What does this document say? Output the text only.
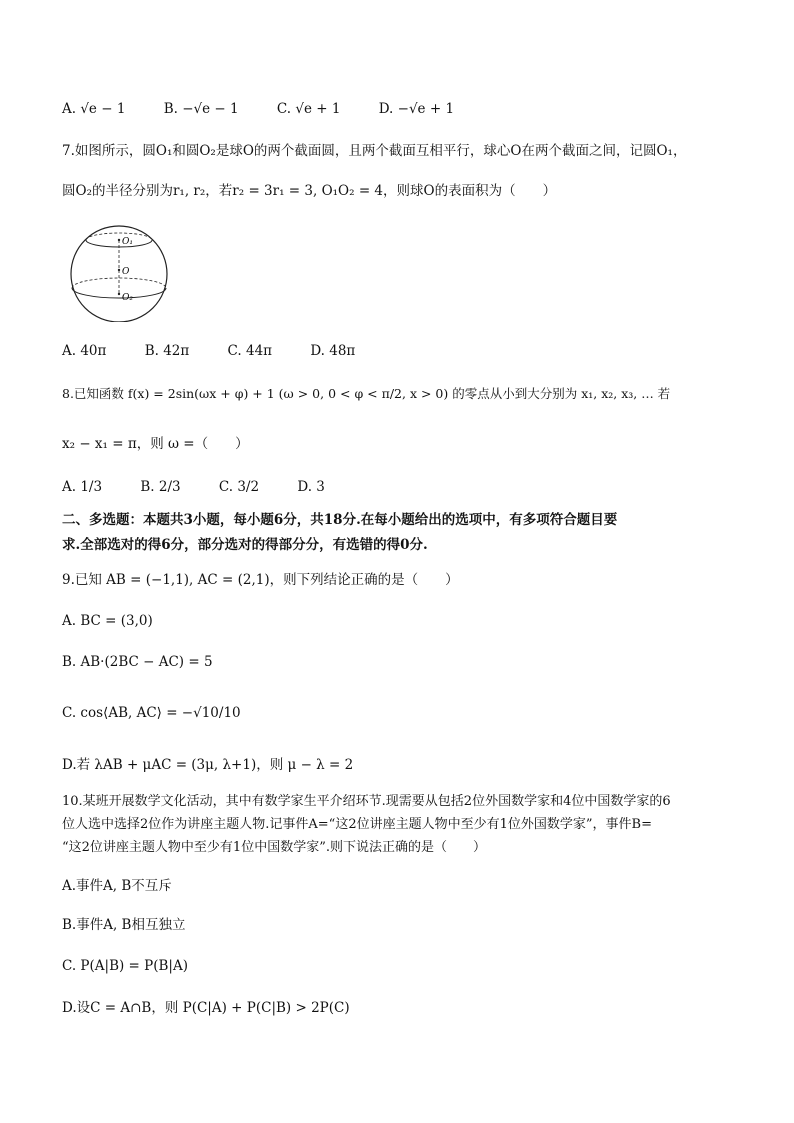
A. √e − 1	B. −√e − 1	C. √e + 1	D. −√e + 1
7.如图所示，圆O₁和圆O₂是球O的两个截面圆，且两个截面互相平行，球心O在两个截面之间，记圆O₁，
圆O₂的半径分别为r₁, r₂，若r₂ = 3r₁ = 3, O₁O₂ = 4，则球O的表面积为（　　）
O₁
O
O₂
A. 40π	B. 42π	C. 44π	D. 48π
8.已知函数 f(x) = 2sin(ωx + φ) + 1 (ω > 0, 0 < φ < π/2, x > 0) 的零点从小到大分别为 x₁, x₂, x₃, … 若
x₂ − x₁ = π，则 ω =（　　）
A. 1/3	B. 2/3	C. 3/2	D. 3
二、多选题：本题共3小题，每小题6分，共18分.在每小题给出的选项中，有多项符合题目要
求.全部选对的得6分，部分选对的得部分分，有选错的得0分.
9.已知 AB = (−1,1), AC = (2,1)，则下列结论正确的是（　　）
A. BC = (3,0)
B. AB·(2BC − AC) = 5
C. cos⟨AB, AC⟩ = −√10/10
D.若 λAB + μAC = (3μ, λ+1)，则 μ − λ = 2
10.某班开展数学文化活动，其中有数学家生平介绍环节.现需要从包括2位外国数学家和4位中国数学家的6
位人选中选择2位作为讲座主题人物.记事件A=“这2位讲座主题人物中至少有1位外国数学家”，事件B=
“这2位讲座主题人物中至少有1位中国数学家”.则下说法正确的是（　　）
A.事件A, B不互斥
B.事件A, B相互独立
C. P(A|B) = P(B|A)
D.设C = A∩B，则 P(C|A) + P(C|B) > 2P(C)
